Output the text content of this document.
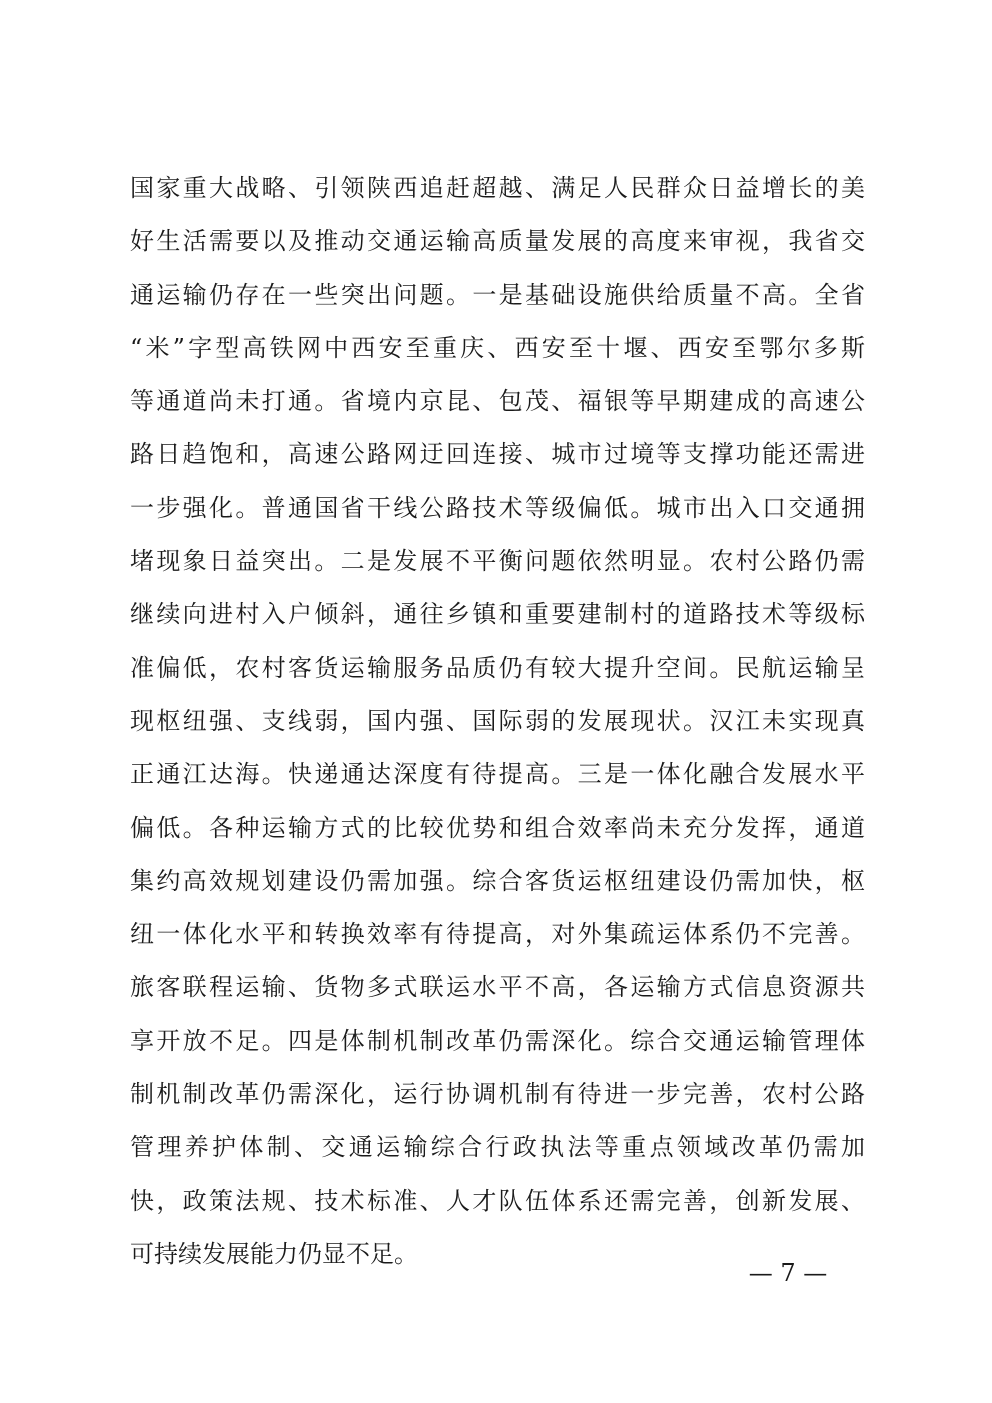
国家重大战略、引领陕西追赶超越、满足人民群众日益增长的美
好生活需要以及推动交通运输高质量发展的高度来审视，我省交
通运输仍存在一些突出问题。一是基础设施供给质量不高。全省
“米”字型高铁网中西安至重庆、西安至十堰、西安至鄂尔多斯
等通道尚未打通。省境内京昆、包茂、福银等早期建成的高速公
路日趋饱和，高速公路网迂回连接、城市过境等支撑功能还需进
一步强化。普通国省干线公路技术等级偏低。城市出入口交通拥
堵现象日益突出。二是发展不平衡问题依然明显。农村公路仍需
继续向进村入户倾斜，通往乡镇和重要建制村的道路技术等级标
准偏低，农村客货运输服务品质仍有较大提升空间。民航运输呈
现枢纽强、支线弱，国内强、国际弱的发展现状。汉江未实现真
正通江达海。快递通达深度有待提高。三是一体化融合发展水平
偏低。各种运输方式的比较优势和组合效率尚未充分发挥，通道
集约高效规划建设仍需加强。综合客货运枢纽建设仍需加快，枢
纽一体化水平和转换效率有待提高，对外集疏运体系仍不完善。
旅客联程运输、货物多式联运水平不高，各运输方式信息资源共
享开放不足。四是体制机制改革仍需深化。综合交通运输管理体
制机制改革仍需深化，运行协调机制有待进一步完善，农村公路
管理养护体制、交通运输综合行政执法等重点领域改革仍需加
快，政策法规、技术标准、人才队伍体系还需完善，创新发展、
可持续发展能力仍显不足。
— 7 —
